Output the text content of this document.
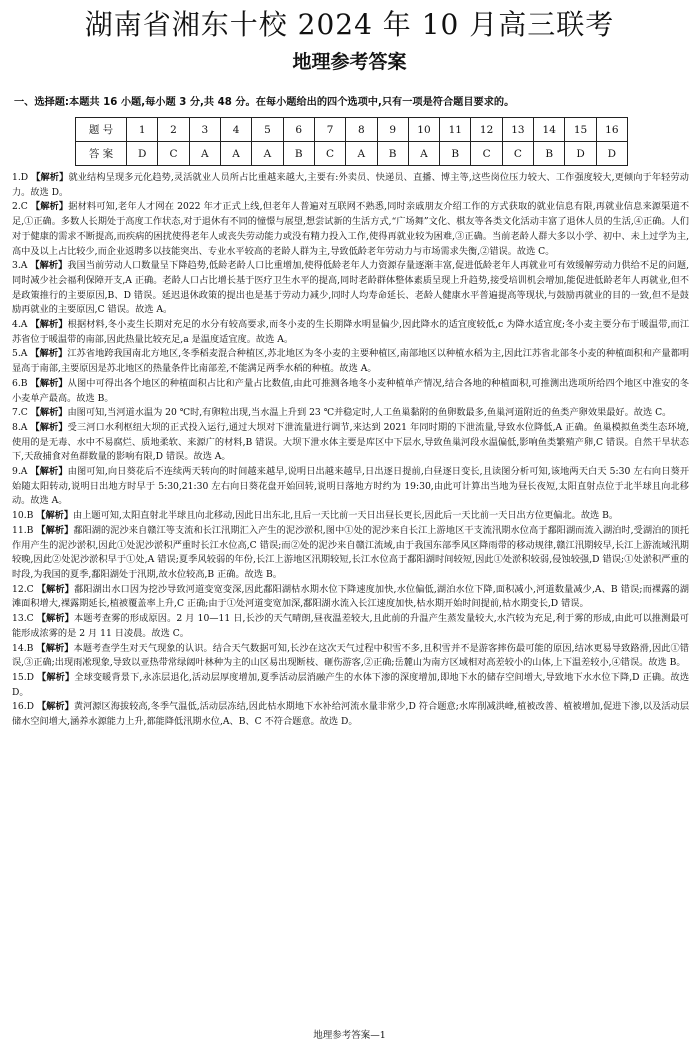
湖南省湘东十校 2024 年 10 月高三联考
地理参考答案
一、选择题:本题共 16 小题,每小题 3 分,共 48 分。在每小题给出的四个选项中,只有一项是符合题目要求的。
题 号	1	2	3	4	5	6	7	8	9	10	11	12	13	14	15	16
答 案	D	C	A	A	A	B	C	A	B	A	B	C	C	B	D	D

1.D 【解析】就业结构呈现多元化趋势,灵活就业人员所占比重越来越大,主要有:外卖员、快递员、直播、博主等,这些岗位压力较大、工作强度较大,更倾向于年轻劳动力。故选 D。

2.C 【解析】据材料可知,老年人才网在 2022 年才正式上线,但老年人普遍对互联网不熟悉,同时亲戚朋友介绍工作的方式获取的就业信息有限,再就业信息来源渠道不足,①正确。多数人长期处于高度工作状态,对于退休有不同的憧憬与展望,想尝试新的生活方式,“广场舞”文化、棋友等各类文化活动丰富了退休人员的生活,④正确。人们对于健康的需求不断提高,而疾病的困扰使得老年人或丧失劳动能力或没有精力投入工作,使得再就业较为困难,③正确。当前老龄人群大多以小学、初中、未上过学为主,高中及以上占比较少,而企业返聘多以技能突出、专业水平较高的老龄人群为主,导致低龄老年劳动力与市场需求失衡,②错误。故选 C。

3.A 【解析】我国当前劳动人口数量呈下降趋势,低龄老龄人口比重增加,使得低龄老年人力资源存量逐渐丰富,促进低龄老年人再就业可有效缓解劳动力供给不足的问题,同时减少社会福利保障开支,A 正确。老龄人口占比增长基于医疗卫生水平的提高,同时老龄群体整体素质呈现上升趋势,接受培训机会增加,能促进低龄老年人再就业,但不是政策推行的主要原因,B、D 错误。延迟退休政策的提出也是基于劳动力减少,同时人均寿命延长、老龄人健康水平普遍提高等现状,与鼓励再就业的目的一致,但不是鼓励再就业的主要原因,C 错误。故选 A。

4.A 【解析】根据材料,冬小麦生长期对充足的水分有较高要求,而冬小麦的生长期降水明显偏少,因此降水的适宜度较低,c 为降水适宜度;冬小麦主要分布于暖温带,而江苏省位于暖温带的南部,因此热量比较充足,a 是温度适宜度。故选 A。

5.A 【解析】江苏省地跨我国南北方地区,冬季稻麦混合种植区,苏北地区为冬小麦的主要种植区,南部地区以种植水稻为主,因此江苏省北部冬小麦的种植面积和产量都明显高于南部,主要原因是苏北地区的热量条件比南部差,不能满足两季水稻的种植。故选 A。

6.B 【解析】从图中可得出各个地区的种植面积占比和产量占比数值,由此可推测各地冬小麦种植单产情况,结合各地的种植面积,可推测出选项所给四个地区中淮安的冬小麦单产最高。故选 B。

7.C 【解析】由图可知,当河道水温为 20 ℃时,有卵粒出现,当水温上升到 23 ℃并稳定时,人工鱼巢黏附的鱼卵数最多,鱼巢河道附近的鱼类产卵效果最好。故选 C。

8.A 【解析】受三河口水利枢纽大坝的正式投入运行,通过大坝对下泄流量进行调节,来达到 2021 年同时期的下泄流量,导致水位降低,A 正确。鱼巢模拟鱼类生态环境,使用的是无毒、水中不易腐烂、质地柔软、来源广的材料,B 错误。大坝下泄水体主要是库区中下层水,导致鱼巢河段水温偏低,影响鱼类繁殖产卵,C 错误。自然干旱状态下,天敌捕食对鱼群数量的影响有限,D 错误。故选 A。

9.A 【解析】由图可知,向日葵花后不连续两天转向的时间越来越早,说明日出越来越早,日出逐日提前,白昼逐日变长,且读图分析可知,该地两天白天 5:30 左右向日葵开始随太阳转动,说明日出地方时早于 5:30,21:30 左右向日葵花盘开始回转,说明日落地方时约为 19:30,由此可计算出当地为昼长夜短,太阳直射点位于北半球且向北移动。故选 A。

10.B 【解析】由上题可知,太阳直射北半球且向北移动,因此日出东北,且后一天比前一天日出昼长更长,因此后一天比前一天日出方位更偏北。故选 B。

11.B 【解析】鄱阳湖的泥沙来自赣江等支流和长江汛期汇入产生的泥沙淤积,图中①处的泥沙来自长江上游地区干支流汛期水位高于鄱阳湖而流入湖泊时,受湖泊的顶托作用产生的泥沙淤积,因此①处泥沙淤积严重时长江水位高,C 错误;而②处的泥沙来自赣江流域,由于我国东部季风区降雨带的移动规律,赣江汛期较早,长江上游流域汛期较晚,因此②处泥沙淤积早于①处,A 错误;夏季风较弱的年份,长江上游地区汛期较短,长江水位高于鄱阳湖时间较短,因此①处淤积较弱,侵蚀较强,D 错误;①处淤积严重的时段,为我国的夏季,鄱阳湖处于汛期,故水位较高,B 正确。故选 B。

12.C 【解析】鄱阳湖出水口因为挖沙导致河道变宽变深,因此鄱阳湖枯水期水位下降速度加快,水位偏低,湖泊水位下降,面积减小,河道数量减少,A、B 错误;而裸露的湖滩面积增大,裸露期延长,植被覆盖率上升,C 正确;由于①处河道变宽加深,鄱阳湖水流入长江速度加快,枯水期开始时间提前,枯水期变长,D 错误。

13.C 【解析】本题考查雾的形成原因。2 月 10—11 日,长沙的天气晴朗,昼夜温差较大,且此前的升温产生蒸发量较大,水汽较为充足,利于雾的形成,由此可以推测最可能形成浓雾的是 2 月 11 日凌晨。故选 C。

14.B 【解析】本题考查学生对天气现象的认识。结合天气数据可知,长沙在这次天气过程中积雪不多,且积雪并不是游客摔伤最可能的原因,结冰更易导致路滑,因此①错误,③正确;出现雨凇现象,导致以亚热带常绿阔叶林种为主的山区易出现断枝、砸伤游客,②正确;岳麓山为南方区域相对高差较小的山体,上下温差较小,④错误。故选 B。

15.D 【解析】全球变暖背景下,永冻层退化,活动层厚度增加,夏季活动层消融产生的水体下渗的深度增加,即地下水的储存空间增大,导致地下水水位下降,D 正确。故选 D。

16.D 【解析】黄河源区海拔较高,冬季气温低,活动层冻结,因此枯水期地下水补给河流水量非常少,D 符合题意;水库削减洪峰,植被改善、植被增加,促进下渗,以及活动层储水空间增大,涵养水源能力上升,都能降低汛期水位,A、B、C 不符合题意。故选 D。

地理参考答案—1
